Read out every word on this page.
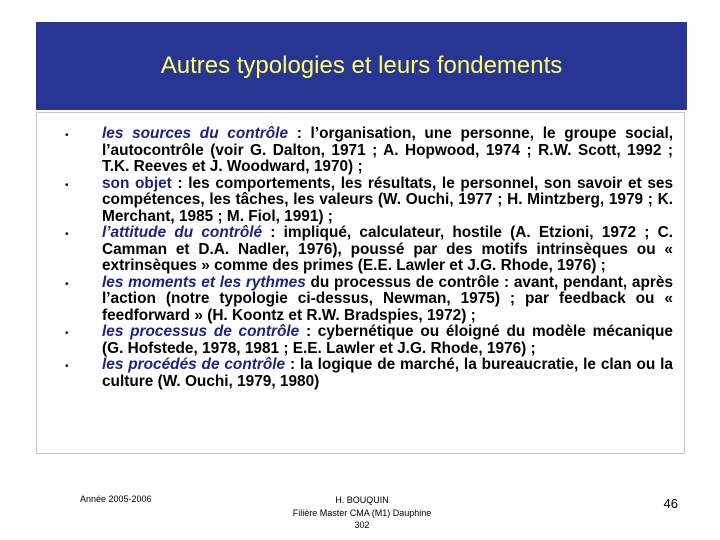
Autres typologies et leurs fondements
• les sources du contrôle : l’organisation, une personne, le groupe social, l’autocontrôle (voir G. Dalton, 1971 ; A. Hopwood, 1974 ; R.W. Scott, 1992 ; T.K. Reeves et J. Woodward, 1970) ;
• son objet : les comportements, les résultats, le personnel, son savoir et ses compétences, les tâches, les valeurs (W. Ouchi, 1977 ; H. Mintzberg, 1979 ; K. Merchant, 1985 ; M. Fiol, 1991) ;
• l’attitude du contrôlé : impliqué, calculateur, hostile (A. Etzioni, 1972 ; C. Camman et D.A. Nadler, 1976), poussé par des motifs intrinsèques ou « extrinsèques » comme des primes (E.E. Lawler et J.G. Rhode, 1976) ;
• les moments et les rythmes du processus de contrôle : avant, pendant, après l’action (notre typologie ci-dessus, Newman, 1975) ; par feedback ou « feedforward » (H. Koontz et R.W. Bradspies, 1972) ;
• les processus de contrôle : cybernétique ou éloigné du modèle mécanique (G. Hofstede, 1978, 1981 ; E.E. Lawler et J.G. Rhode, 1976) ;
• les procédés de contrôle : la logique de marché, la bureaucratie, le clan ou la culture (W. Ouchi, 1979, 1980)
Année 2005-2006	H. BOUQUIN
Filière Master CMA (M1) Dauphine
302
46
